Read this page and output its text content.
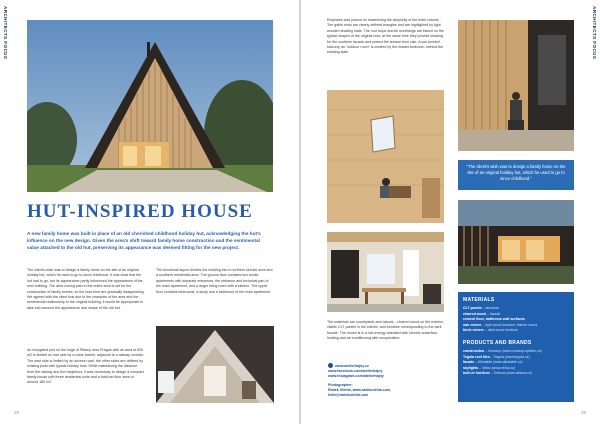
ARCHITECTS FOCUS
HUT-INSPIRED HOUSE

A new family home was built in place of an old cherished childhood holiday hut, acknowledging the hut's influence on the new design. Given the area's shift toward family home construction and the sentimental value attached to the old hut, preserving its appearance was deemed fitting for the new project.

The client's wish was to design a family home on the site of an original holiday hut, which he used to go to since childhood. It was clear that the hut had to go, but its appearance partly influenced the appearance of the new building. The area zoning plan in the entire area is set for the construction of family homes, so the huts here are gradually disappearing. We agreed with the client that due to the character of the area and the sentimental relationship to the original building, it would be appropriate to take into account the appearance and shape of the old hut.

An elongated plot on the edge of Rišany near Prague with an area of 820 m2 is limited on one side by a noise barrier, adjacent to a railway corridor. The east side is limited by an access road, the other sides are defined by existing plots with typical holiday huts. While maintaining the distance from the railway and the neighbors, it was necessary to design a compact family house with three residential units and a total net floor area of around 180 m2.

The functional layout divides the building into a northern service area and a southern residential area. The ground floor contains two studio apartments with separate entrances, the entrance and technical part of the main apartment, and a larger living room with a kitchen. The upper floor contains bedrooms, a study and a bathroom of the main apartment.

38
ARCHITECTS FOCUS

Emphasis was placed on maximizing the simplicity of the main volume. The gable ends are clearly defined triangles and are highlighted by light wooden shading slats. The roof slope and its overhangs are based on the typical shapes of the original huts; at the same time they provide shading for the southern facade and protect the terrace from rain. A sun-leveled balcony, as "outdoor room" is created by the master bedroom, behind the shading slats.

The materials are countryside and natural – charred wood on the exterior, visible CLT panels in the interior, and furniture corresponding to the dark facade. The house is in a low-energy standard with electric underfloor heating and air conditioning with recuperation.

www.atelierhajny.cz
www.facebook.com/atelierhajny
www.instagram.com/atelierhajny
Photographer:
Radek Úlehla, www.radekulehla.com,
hello@radekulehla.com
"The client's wish was to design a family home on the site of an original holiday hut, which he used to go to since childhood."
MATERIALS
CLT panels – structure
charred wood – facade
cement floor, bathroom wall surfaces
oak veneer – light wood furniture, interior doors
birch veneer – dark wood furniture
PRODUCTS AND BRANDS
construction – Novatop (www.novatop-system.cz)
Tegola roof tiles – Tegola (www.tegola.cz)
facade – Allodable (www.allodable.cz)
skylights – Velux (www.velux.cz)
built-in furniture – Dekora (www.dekora.cz)
39
